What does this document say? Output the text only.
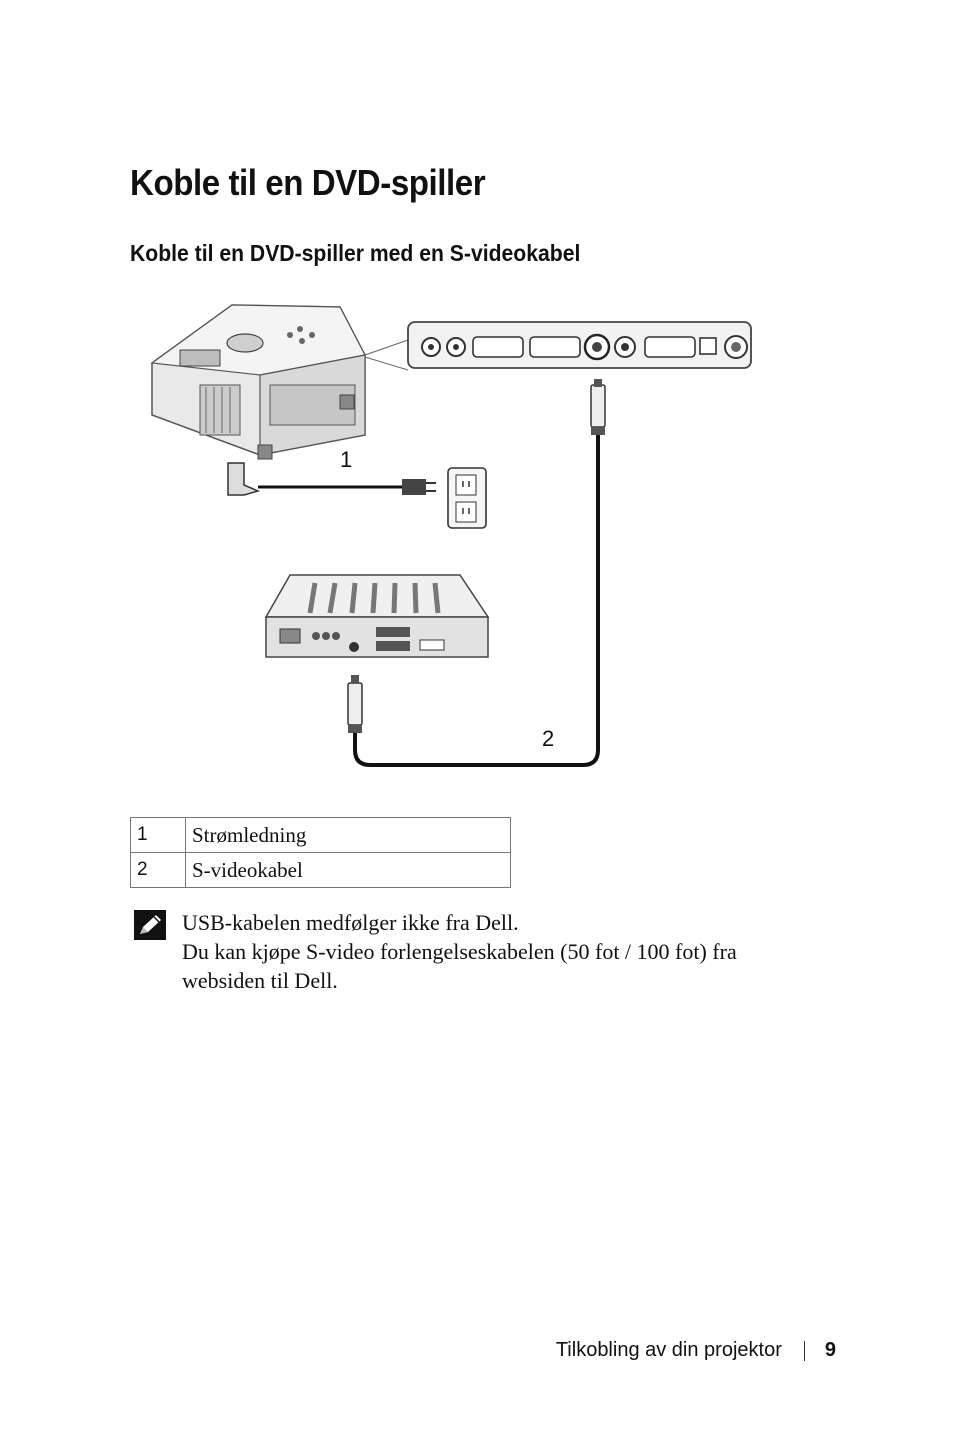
Koble til en DVD-spiller
Koble til en DVD-spiller med en S-videokabel
1
2
1	Strømledning
2	S-videokabel
USB-kabelen medfølger ikke fra Dell.
Du kan kjøpe S-video forlengelseskabelen (50 fot / 100 fot) fra websiden til Dell.
Tilkobling av din projektor 9
